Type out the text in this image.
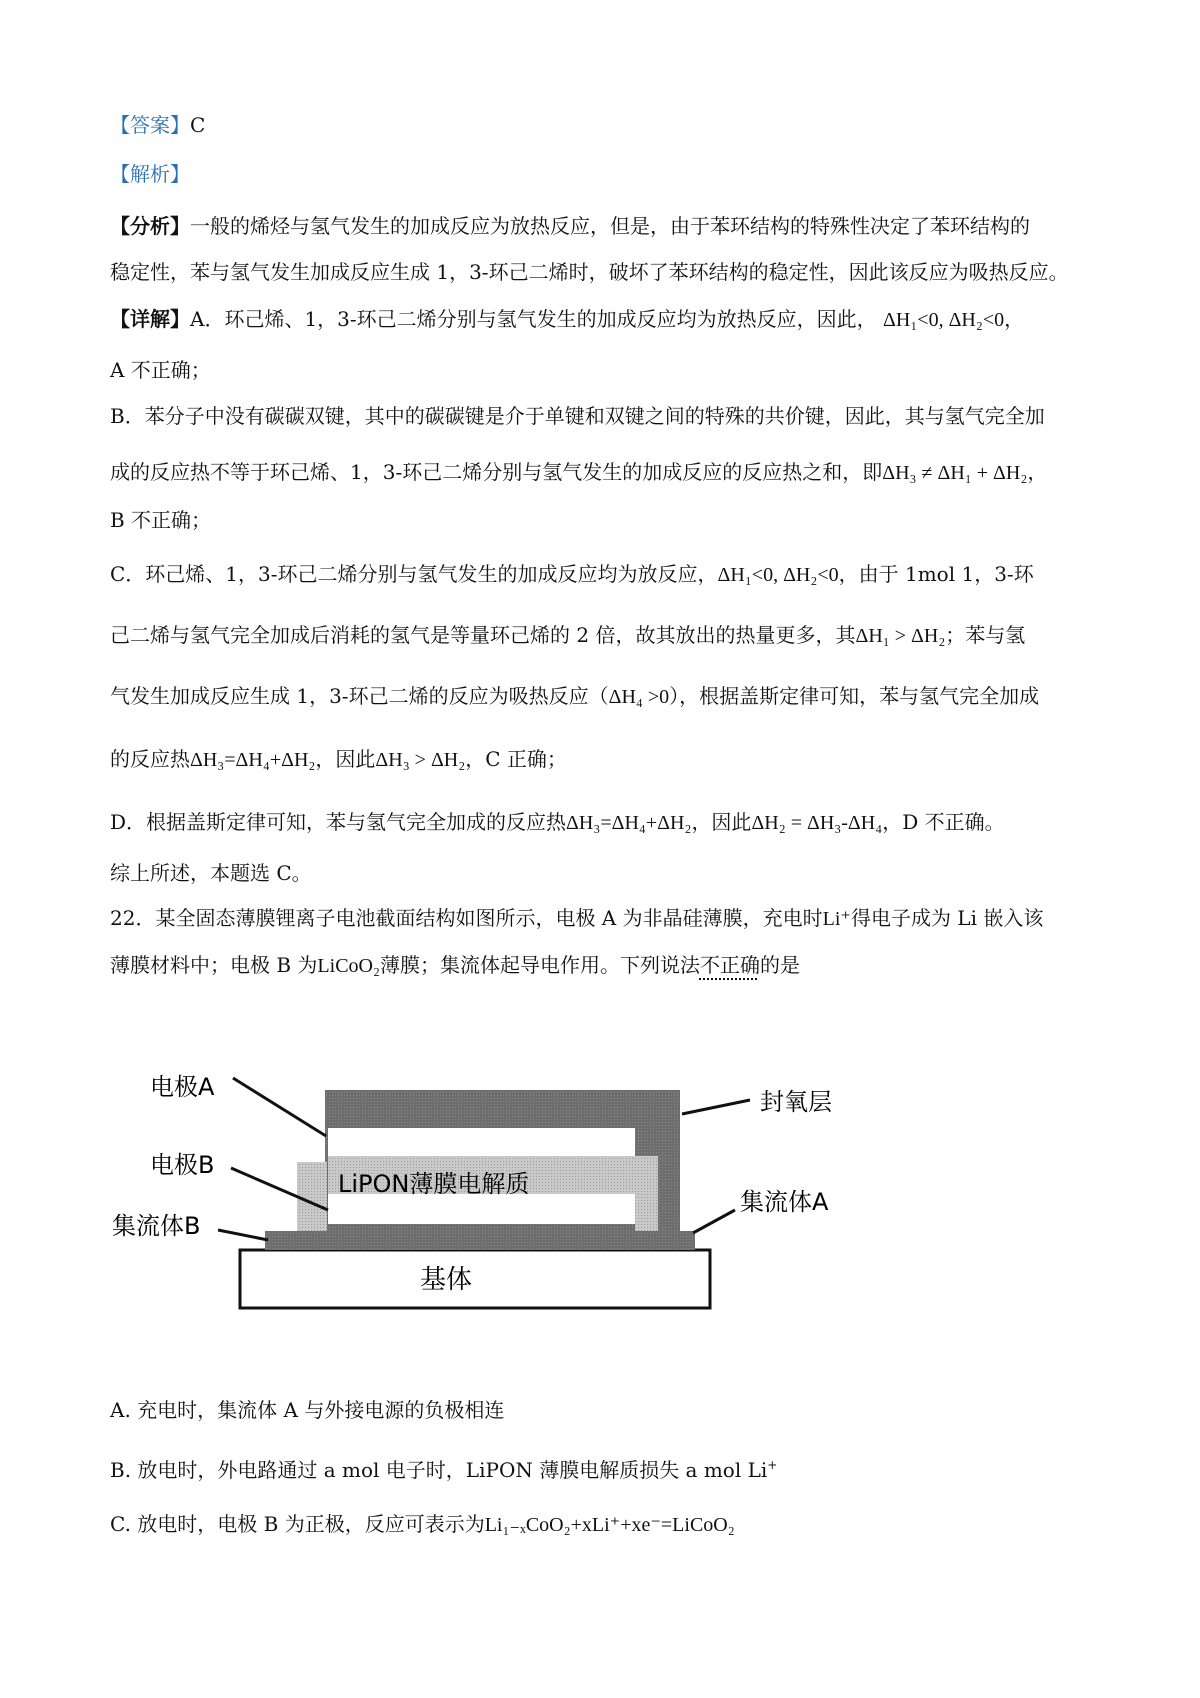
【答案】C
【解析】
【分析】一般的烯烃与氢气发生的加成反应为放热反应，但是，由于苯环结构的特殊性决定了苯环结构的
稳定性，苯与氢气发生加成反应生成 1，3-环己二烯时，破坏了苯环结构的稳定性，因此该反应为吸热反应。
【详解】A．环己烯、1，3-环己二烯分别与氢气发生的加成反应均为放热反应，因此， ΔH₁<0, ΔH₂<0，
A 不正确；
B．苯分子中没有碳碳双键，其中的碳碳键是介于单键和双键之间的特殊的共价键，因此，其与氢气完全加
成的反应热不等于环己烯、1，3-环己二烯分别与氢气发生的加成反应的反应热之和，即ΔH₃ ≠ ΔH₁ + ΔH₂，
B 不正确；
C．环己烯、1，3-环己二烯分别与氢气发生的加成反应均为放反应，ΔH₁<0, ΔH₂<0，由于 1mol 1，3-环
己二烯与氢气完全加成后消耗的氢气是等量环己烯的 2 倍，故其放出的热量更多，其ΔH₁ > ΔH₂；苯与氢
气发生加成反应生成 1，3-环己二烯的反应为吸热反应（ΔH₄ >0），根据盖斯定律可知，苯与氢气完全加成
的反应热ΔH₃=ΔH₄+ΔH₂，因此ΔH₃ > ΔH₂，C 正确；
D．根据盖斯定律可知，苯与氢气完全加成的反应热ΔH₃=ΔH₄+ΔH₂，因此ΔH₂ = ΔH₃-ΔH₄，D 不正确。
综上所述，本题选 C。
22．某全固态薄膜锂离子电池截面结构如图所示，电极 A 为非晶硅薄膜，充电时Li⁺得电子成为 Li 嵌入该
薄膜材料中；电极 B 为LiCoO₂薄膜；集流体起导电作用。下列说法不正确的是
电极A
电极B
集流体B
封氧层
集流体A
LiPON薄膜电解质
基体
A. 充电时，集流体 A 与外接电源的负极相连
B. 放电时，外电路通过 a mol 电子时，LiPON 薄膜电解质损失 a mol Li+
C. 放电时，电极 B 为正极，反应可表示为Li₁₋ₓCoO₂+xLi⁺+xe⁻=LiCoO₂
